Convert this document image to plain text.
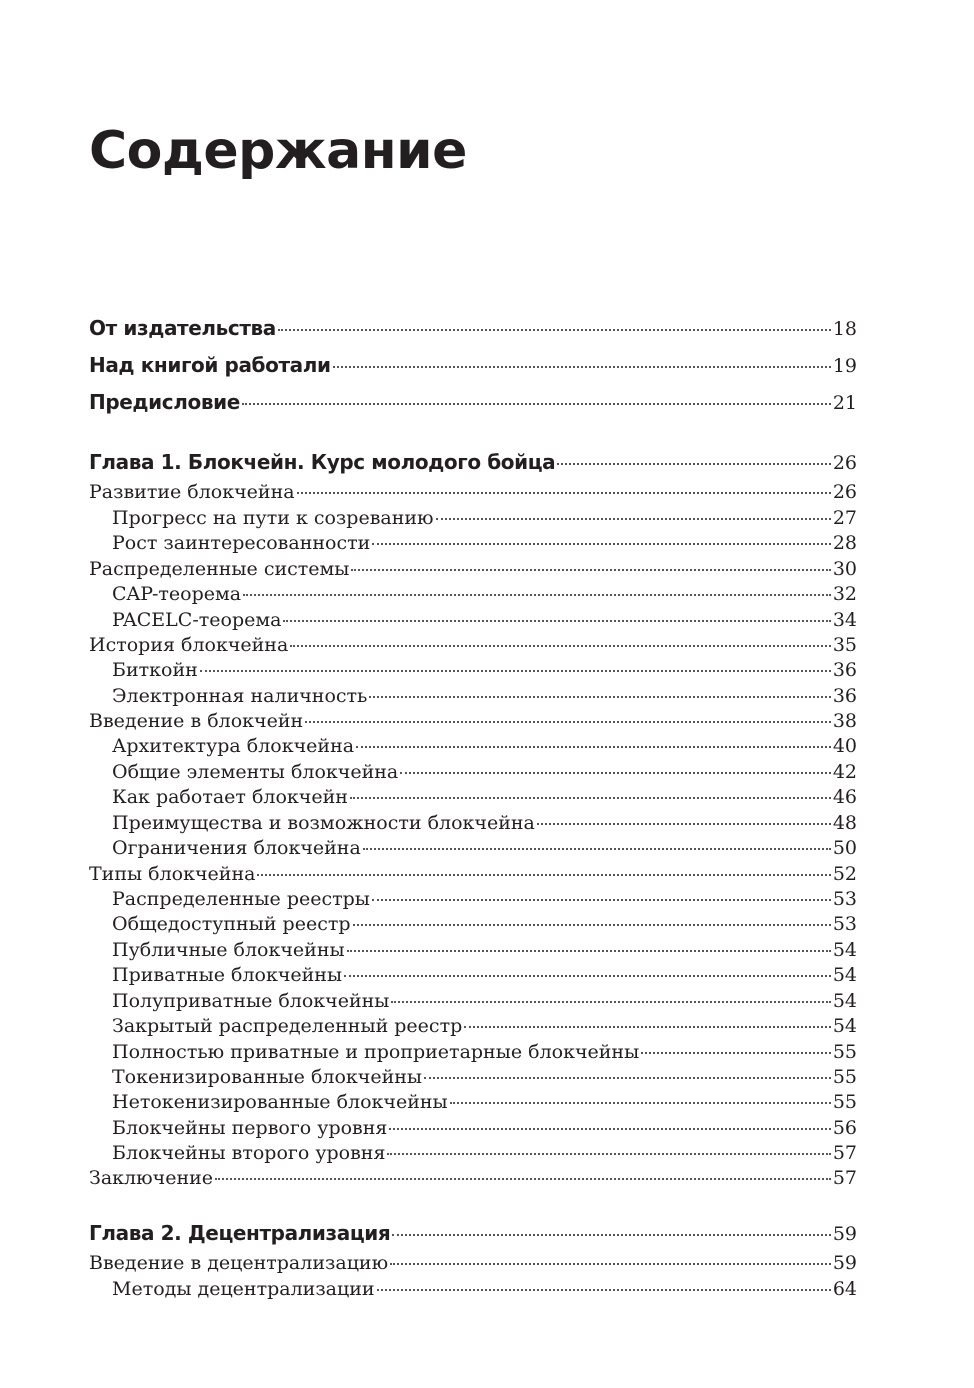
Содержание
От издательства	18
Над книгой работали	19
Предисловие	21
Глава 1. Блокчейн. Курс молодого бойца	26
Развитие блокчейна	26
Прогресс на пути к созреванию	27
Рост заинтересованности	28
Распределенные системы	30
CAP-теорема	32
PACELC-теорема	34
История блокчейна	35
Биткойн	36
Электронная наличность	36
Введение в блокчейн	38
Архитектура блокчейна	40
Общие элементы блокчейна	42
Как работает блокчейн	46
Преимущества и возможности блокчейна	48
Ограничения блокчейна	50
Типы блокчейна	52
Распределенные реестры	53
Общедоступный реестр	53
Публичные блокчейны	54
Приватные блокчейны	54
Полуприватные блокчейны	54
Закрытый распределенный реестр	54
Полностью приватные и проприетарные блокчейны	55
Токенизированные блокчейны	55
Нетокенизированные блокчейны	55
Блокчейны первого уровня	56
Блокчейны второго уровня	57
Заключение	57
Глава 2. Децентрализация	59
Введение в децентрализацию	59
Методы децентрализации	64
